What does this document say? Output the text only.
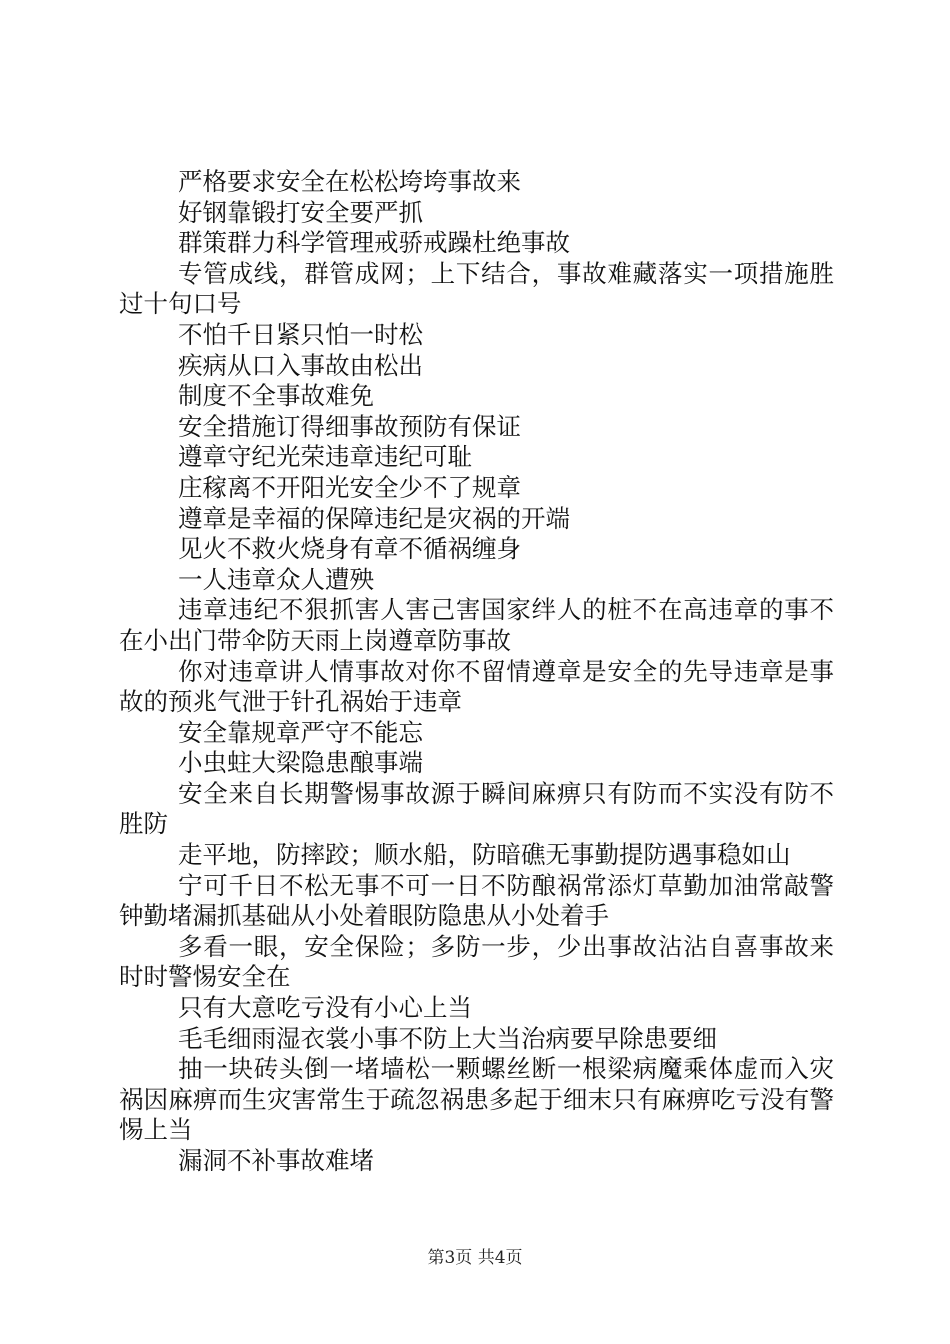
严格要求安全在松松垮垮事故来

好钢靠锻打安全要严抓

群策群力科学管理戒骄戒躁杜绝事故

专管成线，群管成网；上下结合，事故难藏落实一项措施胜过十句口号

不怕千日紧只怕一时松

疾病从口入事故由松出

制度不全事故难免

安全措施订得细事故预防有保证

遵章守纪光荣违章违纪可耻

庄稼离不开阳光安全少不了规章

遵章是幸福的保障违纪是灾祸的开端

见火不救火烧身有章不循祸缠身

一人违章众人遭殃

违章违纪不狠抓害人害己害国家绊人的桩不在高违章的事不在小出门带伞防天雨上岗遵章防事故

你对违章讲人情事故对你不留情遵章是安全的先导违章是事故的预兆气泄于针孔祸始于违章

安全靠规章严守不能忘

小虫蛀大梁隐患酿事端

安全来自长期警惕事故源于瞬间麻痹只有防而不实没有防不胜防

走平地，防摔跤；顺水船，防暗礁无事勤提防遇事稳如山

宁可千日不松无事不可一日不防酿祸常添灯草勤加油常敲警钟勤堵漏抓基础从小处着眼防隐患从小处着手

多看一眼，安全保险；多防一步，少出事故沾沾自喜事故来时时警惕安全在

只有大意吃亏没有小心上当

毛毛细雨湿衣裳小事不防上大当治病要早除患要细

抽一块砖头倒一堵墙松一颗螺丝断一根梁病魔乘体虚而入灾祸因麻痹而生灾害常生于疏忽祸患多起于细末只有麻痹吃亏没有警惕上当

漏洞不补事故难堵

第3页 共4页
